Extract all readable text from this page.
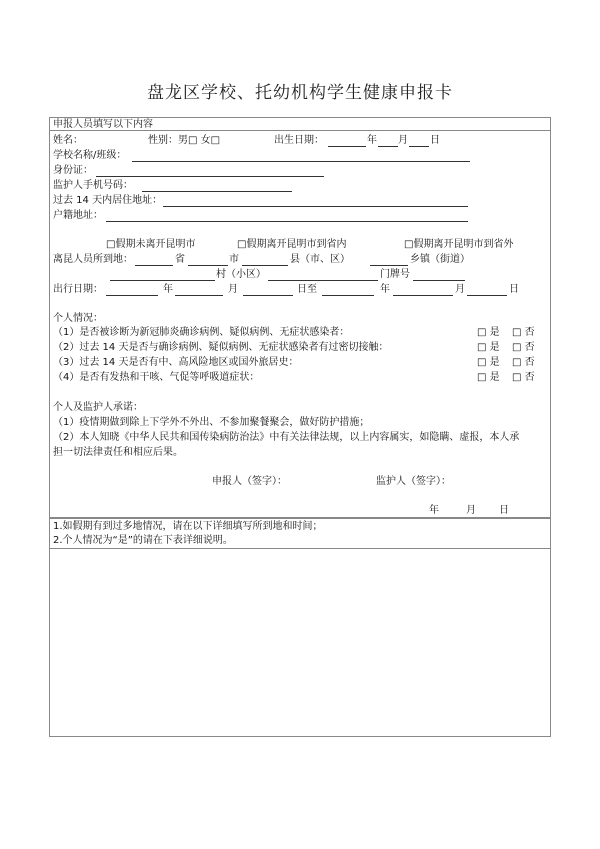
盘龙区学校、托幼机构学生健康申报卡
申报人员填写以下内容
姓名：	性别：男□ 女□	出生日期：	年 月 日
学校名称/班级：
身份证：
监护人手机号码：
过去 14 天内居住地址：
户籍地址：
□假期未离开昆明市	□假期离开昆明市到省内	□假期离开昆明市到省外
离昆人员所到地：	省	市	县（市、区）	乡镇（街道）
村（小区）	门牌号
出行日期：	年	月	日至	年	月	日
个人情况：
（1）是否被诊断为新冠肺炎确诊病例、疑似病例、无症状感染者：	□ 是 □ 否
（2）过去 14 天是否与确诊病例、疑似病例、无症状感染者有过密切接触：	□ 是 □ 否
（3）过去 14 天是否有中、高风险地区或国外旅居史：	□ 是 □ 否
（4）是否有发热和干咳、气促等呼吸道症状：	□ 是 □ 否
个人及监护人承诺：
（1）疫情期做到除上下学外不外出、不参加聚餐聚会，做好防护措施；
（2）本人知晓《中华人民共和国传染病防治法》中有关法律法规，以上内容属实，如隐瞒、虚报，本人承
担一切法律责任和相应后果。
申报人（签字）：	监护人（签字）：
年	月 日
1.如假期有到过多地情况，请在以下详细填写所到地和时间；
2.个人情况为“是”的请在下表详细说明。
